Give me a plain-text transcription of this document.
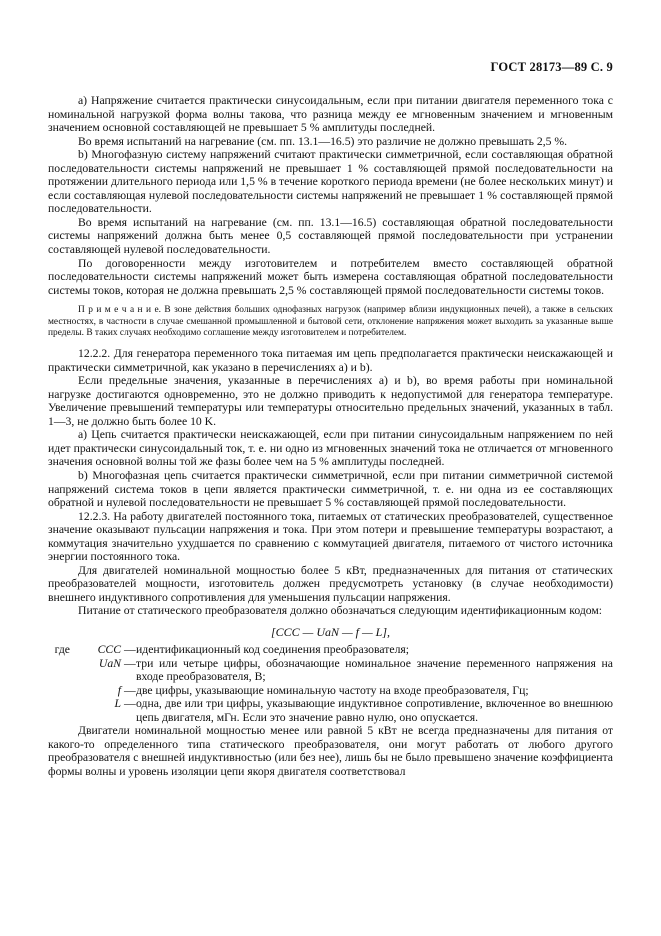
ГОСТ 28173—89 С. 9

а) Напряжение считается практически синусоидальным, если при питании двигателя переменного тока с номинальной нагрузкой форма волны такова, что разница между ее мгновенным значением и мгновенным значением основной составляющей не превышает 5 % амплитуды последней.

Во время испытаний на нагревание (см. пп. 13.1—16.5) это различие не должно превышать 2,5 %.

b) Многофазную систему напряжений считают практически симметричной, если составляющая обратной последовательности системы напряжений не превышает 1 % составляющей прямой последовательности на протяжении длительного периода или 1,5 % в течение короткого периода времени (не более нескольких минут) и если составляющая нулевой последовательности системы напряжений не превышает 1 % составляющей прямой последовательности.

Во время испытаний на нагревание (см. пп. 13.1—16.5) составляющая обратной последовательности системы напряжений должна быть менее 0,5 составляющей прямой последовательности при устранении составляющей нулевой последовательности.

По договоренности между изготовителем и потребителем вместо составляющей обратной последовательности системы напряжений может быть измерена составляющая обратной последовательности системы токов, которая не должна превышать 2,5 % составляющей прямой последовательности системы токов.

П р и м е ч а н и е. В зоне действия больших однофазных нагрузок (например вблизи индукционных печей), а также в сельских местностях, в частности в случае смешанной промышленной и бытовой сети, отклонение напряжения может выходить за указанные выше пределы. В таких случаях необходимо соглашение между изготовителем и потребителем.

12.2.2. Для генератора переменного тока питаемая им цепь предполагается практически неискажающей и практически симметричной, как указано в перечислениях а) и b).

Если предельные значения, указанные в перечислениях а) и b), во время работы при номинальной нагрузке достигаются одновременно, это не должно приводить к недопустимой для генератора температуре. Увеличение превышений температуры или температуры относительно предельных значений, указанных в табл. 1—3, не должно быть более 10 K.

а) Цепь считается практически неискажающей, если при питании синусоидальным напряжением по ней идет практически синусоидальный ток, т. е. ни одно из мгновенных значений тока не отличается от мгновенного значения основной волны той же фазы более чем на 5 % амплитуды последней.

b) Многофазная цепь считается практически симметричной, если при питании симметричной системой напряжений система токов в цепи является практически симметричной, т. е. ни одна из ее составляющих обратной и нулевой последовательности не превышает 5 % составляющей прямой последовательности.

12.2.3. На работу двигателей постоянного тока, питаемых от статических преобразователей, существенное значение оказывают пульсации напряжения и тока. При этом потери и превышение температуры возрастают, а коммутация значительно ухудшается по сравнению с коммутацией двигателя, питаемого от чистого источника энергии постоянного тока.

Для двигателей номинальной мощностью более 5 кВт, предназначенных для питания от статических преобразователей мощности, изготовитель должен предусмотреть установку (в случае необходимости) внешнего индуктивного сопротивления для уменьшения пульсации напряжения.

Питание от статического преобразователя должно обозначаться следующим идентификационным кодом:

[CCC — UaN — f — L],
где	CCC — идентификационный код соединения преобразователя;
UaN — три или четыре цифры, обозначающие номинальное значение переменного напряжения на входе преобразователя, В;
f — две цифры, указывающие номинальную частоту на входе преобразователя, Гц;
L — одна, две или три цифры, указывающие индуктивное сопротивление, включенное во внешнюю цепь двигателя, мГн. Если это значение равно нулю, оно опускается.

Двигатели номинальной мощностью менее или равной 5 кВт не всегда предназначены для питания от какого-то определенного типа статического преобразователя, они могут работать от любого другого преобразователя с внешней индуктивностью (или без нее), лишь бы не было превышено значение коэффициента формы волны и уровень изоляции цепи якоря двигателя соответствовал
